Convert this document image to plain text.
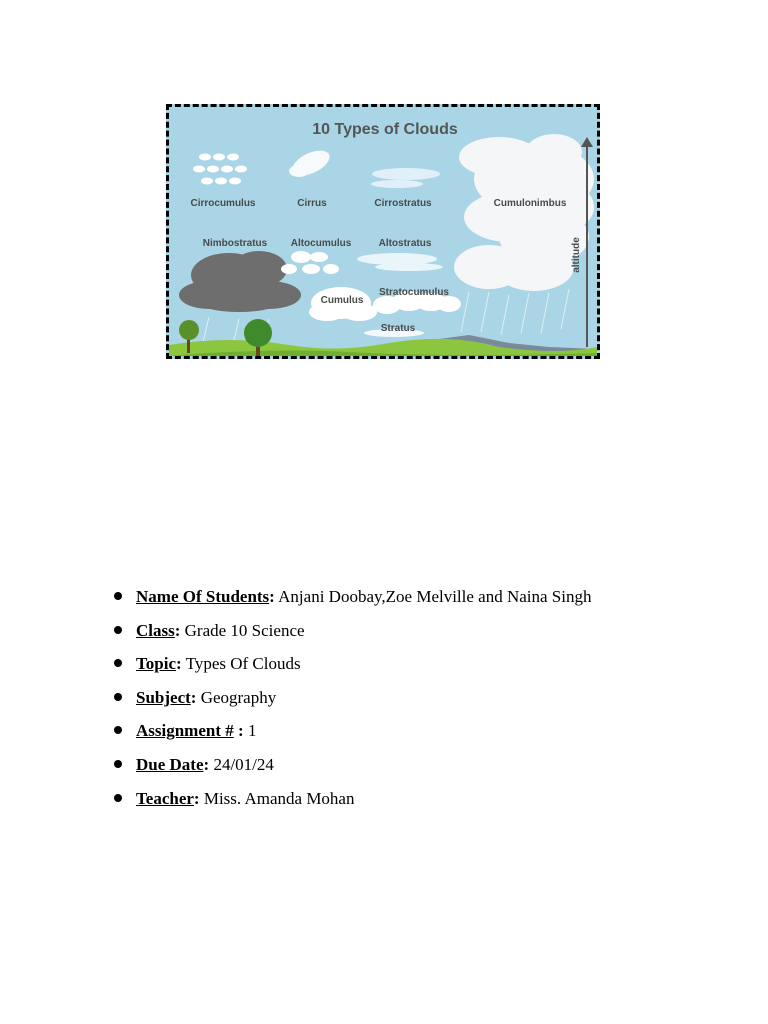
10 Types of Clouds
altitude
Cirrocumulus	Cirrus	Cirrostratus	Cumulonimbus
Nimbostratus Altocumulus	Altostratus
Cumulus
Stratocumulus
Stratus
Name Of Students: Anjani Doobay,Zoe Melville and Naina Singh
Class: Grade 10 Science
Topic: Types Of Clouds
Subject: Geography
Assignment # : 1
Due Date: 24/01/24
Teacher: Miss. Amanda Mohan
